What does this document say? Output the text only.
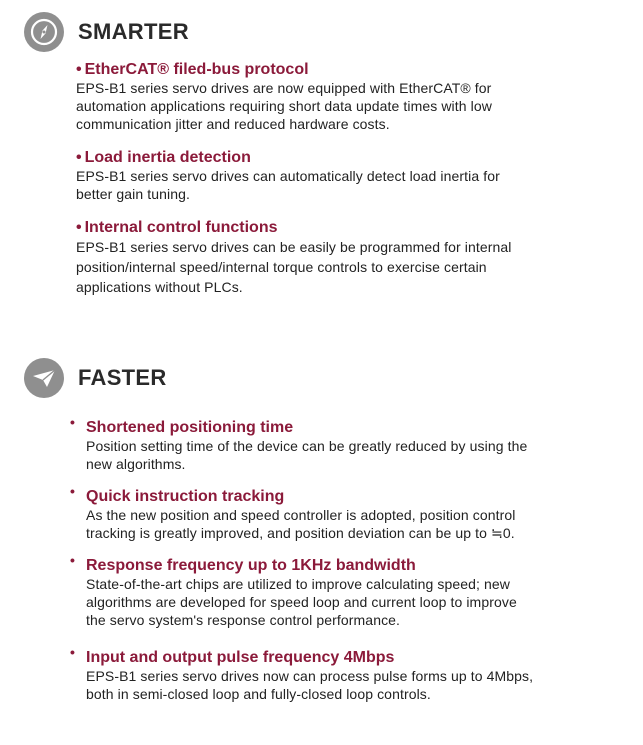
SMARTER
• EtherCAT® filed-bus protocol
EPS-B1 series servo drives are now equipped with EtherCAT® for
automation applications requiring short data update times with low
communication jitter and reduced hardware costs.
• Load inertia detection
EPS-B1 series servo drives can automatically detect load inertia for
better gain tuning.
• Internal control functions
EPS-B1 series servo drives can be easily be programmed for internal
position/internal speed/internal torque controls to exercise certain
applications without PLCs.
FASTER
• Shortened positioning time
Position setting time of the device can be greatly reduced by using the
new algorithms.
• Quick instruction tracking
As the new position and speed controller is adopted, position control
tracking is greatly improved, and position deviation can be up to ≒0.
• Response frequency up to 1KHz bandwidth
State-of-the-art chips are utilized to improve calculating speed; new
algorithms are developed for speed loop and current loop to improve
the servo system's response control performance.
• Input and output pulse frequency 4Mbps
EPS-B1 series servo drives now can process pulse forms up to 4Mbps,
both in semi-closed loop and fully-closed loop controls.
